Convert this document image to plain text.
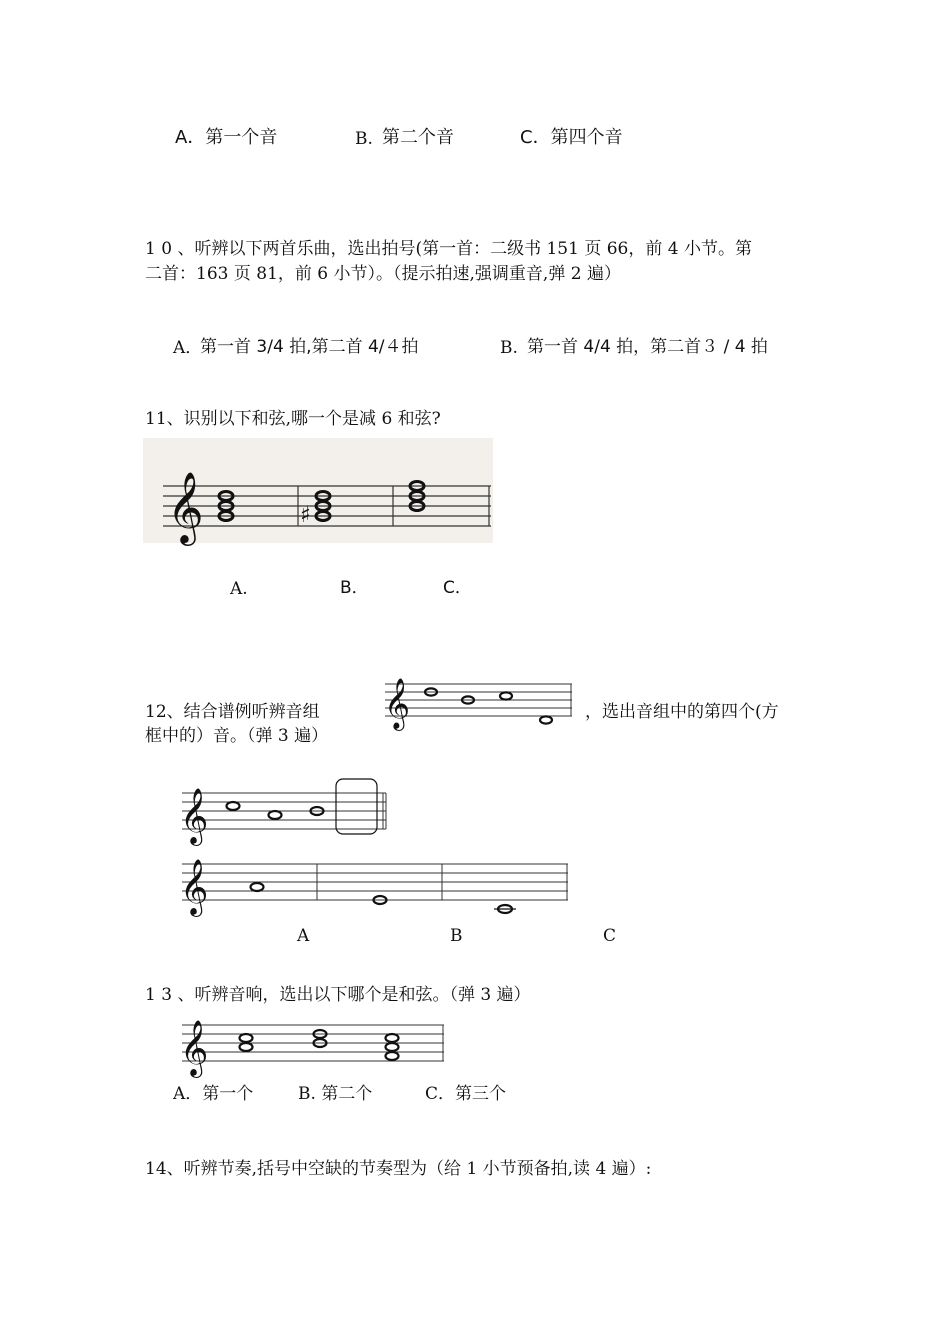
A．第一个音	B. 第二个音	C．第四个音
1 0 、听辨以下两首乐曲，选出拍号(第一首：二级书 151 页 66，前 4 小节。第
二首：163 页 81，前 6 小节）。（提示拍速,强调重音,弹 2 遍）
A．
第一首 3/4 拍,第二首 4/４拍	B. 第一首 4/4 拍，第二首３ / 4 拍
11、识别以下和弦,哪一个是减 6 和弦?
𝄞	♯
A.	B．	C．
12、结合谱例听辨音组 𝄞	，选出音组中的第四个(方
框中的）音。（弹 3 遍）
𝄞
𝄞
A	B	C
1 3 、听辨音响，选出以下哪个是和弦。（弹 3 遍）
𝄞
A．第一个	B. 第二个	C．第三个
14、听辨节奏,括号中空缺的节奏型为（给 1 小节预备拍,读 4 遍）:
